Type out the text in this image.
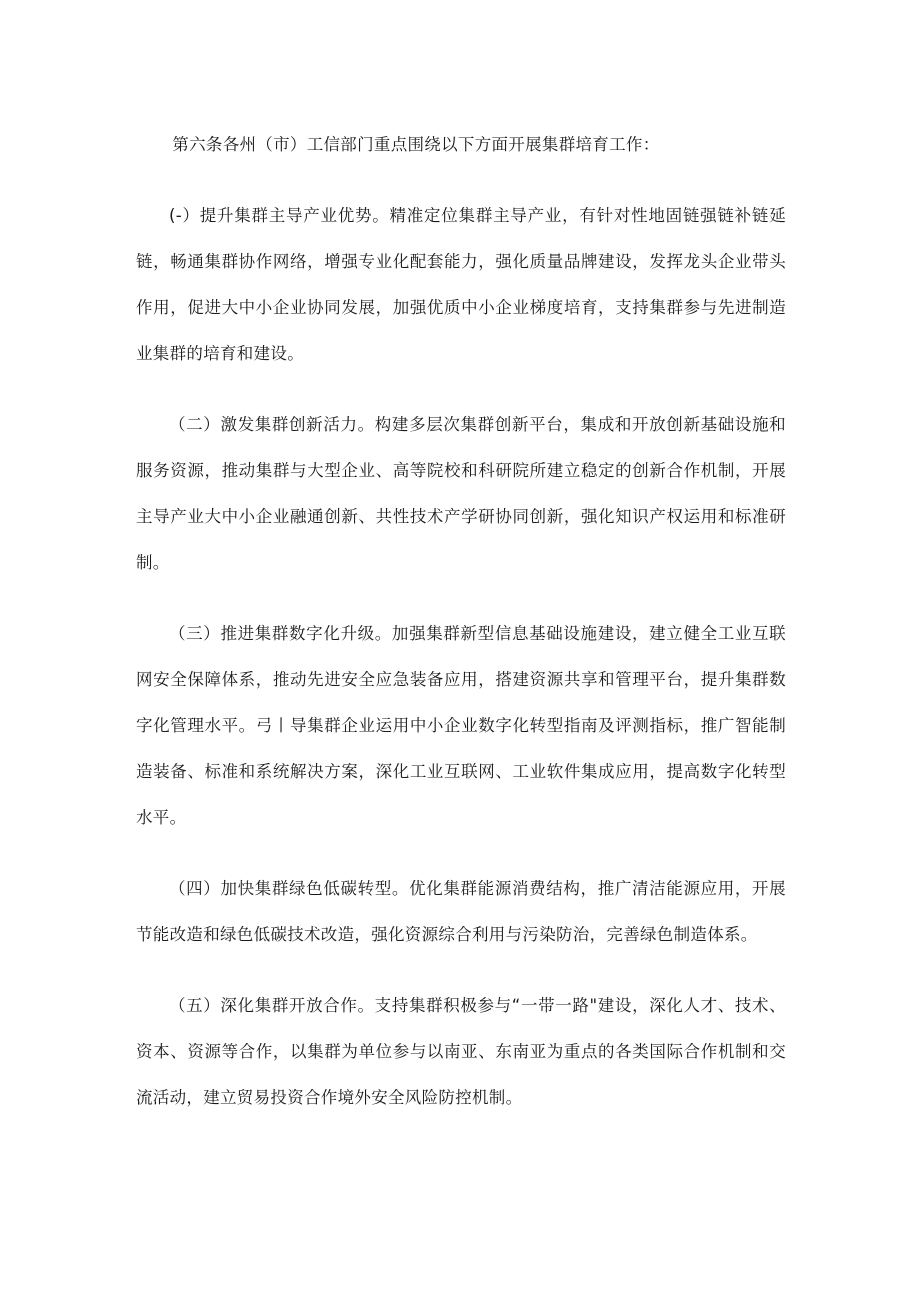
第六条各州（市）工信部门重点围绕以下方面开展集群培育工作：

(-）提升集群主导产业优势。精准定位集群主导产业，有针对性地固链强链补链延链，畅通集群协作网络，增强专业化配套能力，强化质量品牌建设，发挥龙头企业带头作用，促进大中小企业协同发展，加强优质中小企业梯度培育，支持集群参与先进制造业集群的培育和建设。

（二）激发集群创新活力。构建多层次集群创新平台，集成和开放创新基础设施和服务资源，推动集群与大型企业、高等院校和科研院所建立稳定的创新合作机制，开展主导产业大中小企业融通创新、共性技术产学研协同创新，强化知识产权运用和标准研制。

（三）推进集群数字化升级。加强集群新型信息基础设施建设，建立健全工业互联网安全保障体系，推动先进安全应急装备应用，搭建资源共享和管理平台，提升集群数字化管理水平。弓丨导集群企业运用中小企业数字化转型指南及评测指标，推广智能制造装备、标准和系统解决方案，深化工业互联网、工业软件集成应用，提高数字化转型水平。

（四）加快集群绿色低碳转型。优化集群能源消费结构，推广清洁能源应用，开展节能改造和绿色低碳技术改造，强化资源综合利用与污染防治，完善绿色制造体系。

（五）深化集群开放合作。支持集群积极参与“一带一路"建设，深化人才、技术、资本、资源等合作，以集群为单位参与以南亚、东南亚为重点的各类国际合作机制和交流活动，建立贸易投资合作境外安全风险防控机制。
